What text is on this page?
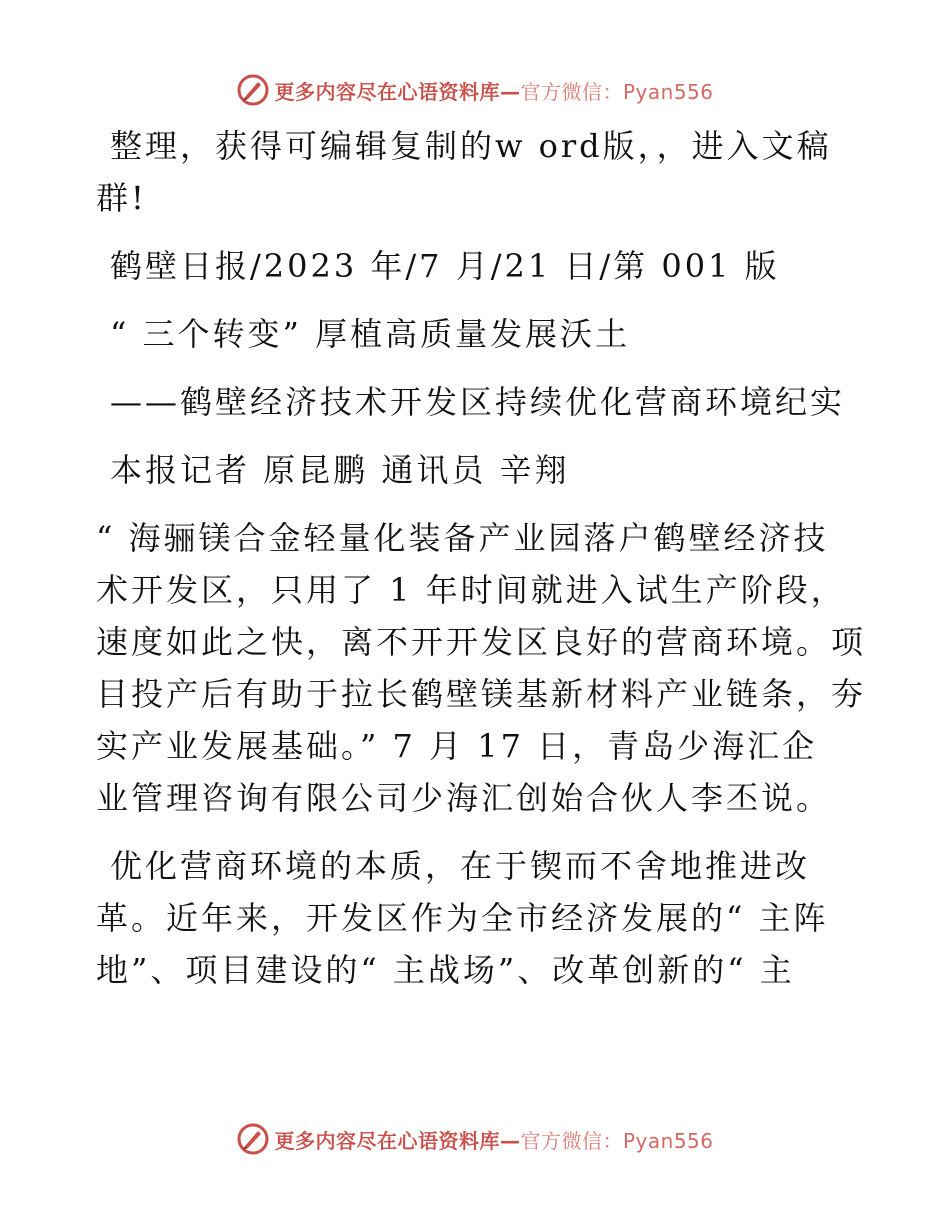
更多内容尽在心语资料库—官方微信：Pyan556
整理，获得可编辑复制的w ord版，，进入文稿
群!
鹤壁日报/2023 年/7 月/21 日/第 001 版
“ 三个转变” 厚植高质量发展沃土
——鹤壁经济技术开发区持续优化营商环境纪实
本报记者 原昆鹏 通讯员 辛翔
“ 海骊镁合金轻量化装备产业园落户鹤壁经济技
术开发区，只用了 1 年时间就进入试生产阶段，
速度如此之快，离不开开发区良好的营商环境。项
目投产后有助于拉长鹤壁镁基新材料产业链条，夯
实产业发展基础。” 7 月 17 日，青岛少海汇企
业管理咨询有限公司少海汇创始合伙人李丕说。
优化营商环境的本质，在于锲而不舍地推进改
革。近年来，开发区作为全市经济发展的“ 主阵
地”、项目建设的“ 主战场”、改革创新的“ 主
更多内容尽在心语资料库—官方微信：Pyan556
